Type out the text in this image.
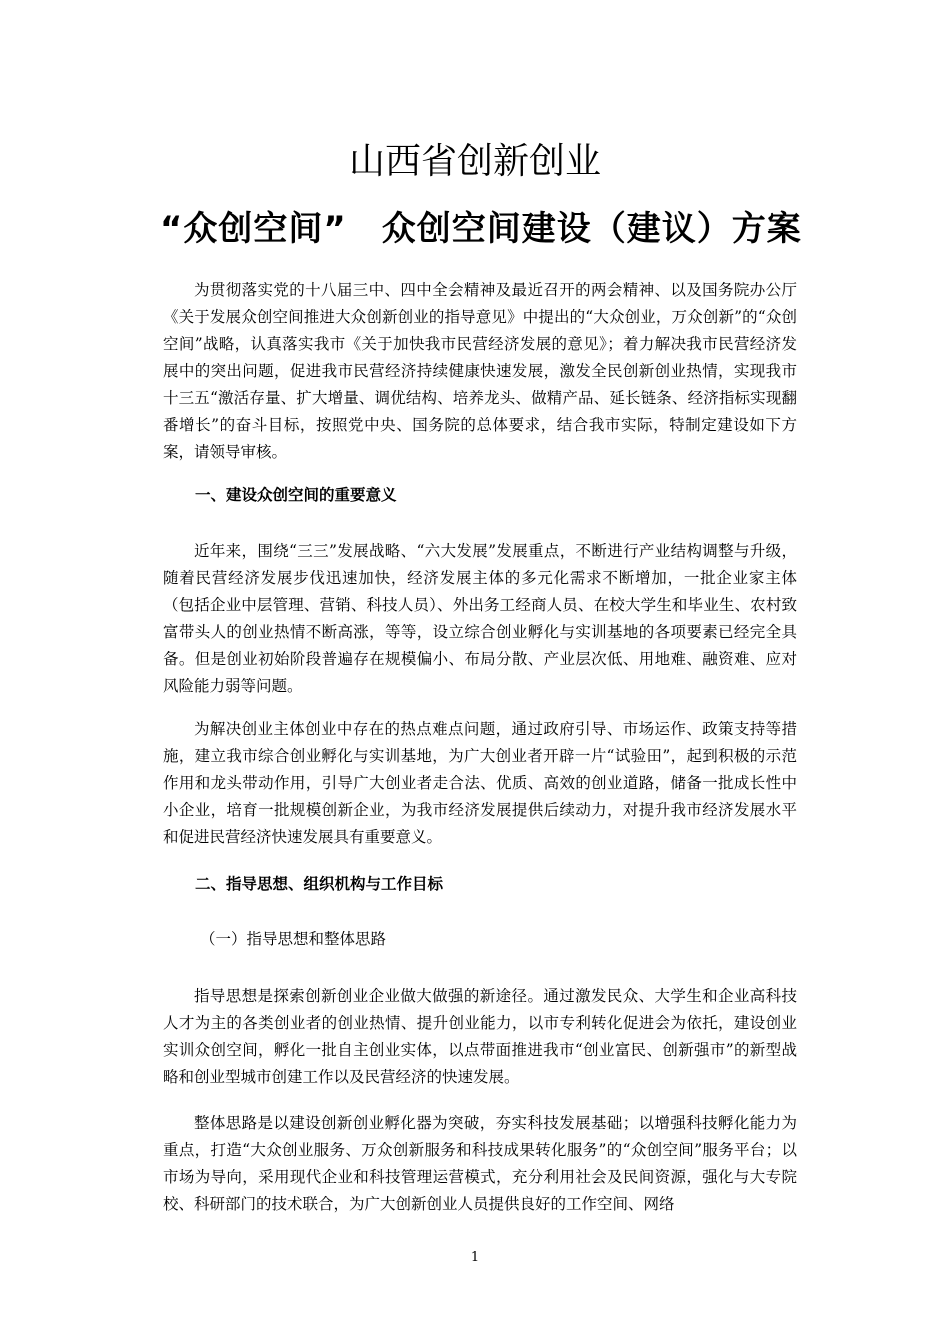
山西省创新创业
“众创空间”　众创空间建设（建议）方案
为贯彻落实党的十八届三中、四中全会精神及最近召开的两会精神、以及国务院办公厅《关于发展众创空间推进大众创新创业的指导意见》中提出的“大众创业，万众创新”的“众创空间”战略，认真落实我市《关于加快我市民营经济发展的意见》；着力解决我市民营经济发展中的突出问题，促进我市民营经济持续健康快速发展，激发全民创新创业热情，实现我市十三五“激活存量、扩大增量、调优结构、培养龙头、做精产品、延长链条、经济指标实现翻番增长”的奋斗目标，按照党中央、国务院的总体要求，结合我市实际，特制定建设如下方案，请领导审核。
一、建设众创空间的重要意义
近年来，围绕“三三”发展战略、“六大发展”发展重点，不断进行产业结构调整与升级，随着民营经济发展步伐迅速加快，经济发展主体的多元化需求不断增加，一批企业家主体（包括企业中层管理、营销、科技人员）、外出务工经商人员、在校大学生和毕业生、农村致富带头人的创业热情不断高涨，等等，设立综合创业孵化与实训基地的各项要素已经完全具备。但是创业初始阶段普遍存在规模偏小、布局分散、产业层次低、用地难、融资难、应对风险能力弱等问题。
为解决创业主体创业中存在的热点难点问题，通过政府引导、市场运作、政策支持等措施，建立我市综合创业孵化与实训基地，为广大创业者开辟一片“试验田”，起到积极的示范作用和龙头带动作用，引导广大创业者走合法、优质、高效的创业道路，储备一批成长性中小企业，培育一批规模创新企业，为我市经济发展提供后续动力，对提升我市经济发展水平和促进民营经济快速发展具有重要意义。
二、指导思想、组织机构与工作目标
（一）指导思想和整体思路
指导思想是探索创新创业企业做大做强的新途径。通过激发民众、大学生和企业高科技人才为主的各类创业者的创业热情、提升创业能力，以市专利转化促进会为依托，建设创业实训众创空间，孵化一批自主创业实体，以点带面推进我市“创业富民、创新强市”的新型战略和创业型城市创建工作以及民营经济的快速发展。
整体思路是以建设创新创业孵化器为突破，夯实科技发展基础；以增强科技孵化能力为重点，打造“大众创业服务、万众创新服务和科技成果转化服务”的“众创空间”服务平台；以市场为导向，采用现代企业和科技管理运营模式，充分利用社会及民间资源，强化与大专院校、科研部门的技术联合，为广大创新创业人员提供良好的工作空间、网络
1
